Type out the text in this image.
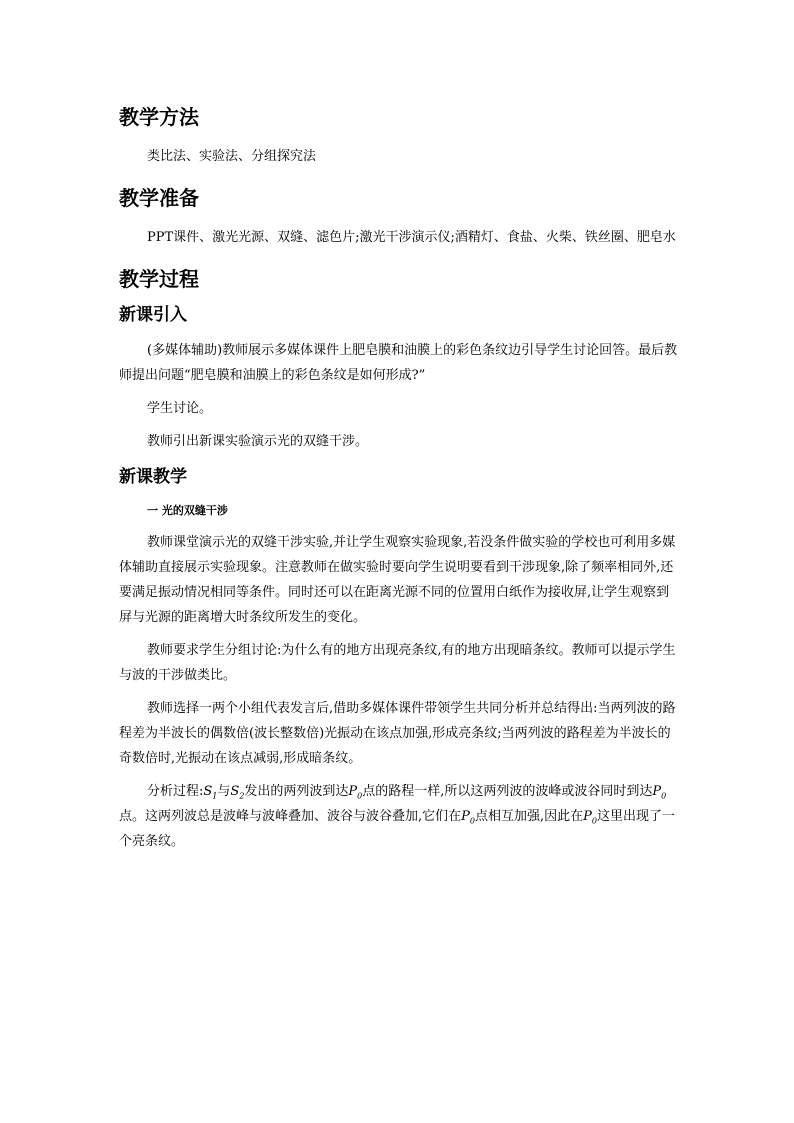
教学方法

类比法、实验法、分组探究法

教学准备

PPT课件、激光光源、双缝、滤色片;激光干涉演示仪;酒精灯、食盐、火柴、铁丝圈、肥皂水

教学过程
新课引入

(多媒体辅助)教师展示多媒体课件上肥皂膜和油膜上的彩色条纹边引导学生讨论回答。最后教师提出问题“肥皂膜和油膜上的彩色条纹是如何形成?”

学生讨论。

教师引出新课实验演示光的双缝干涉。

新课教学
一 光的双缝干涉

教师课堂演示光的双缝干涉实验,并让学生观察实验现象,若没条件做实验的学校也可利用多媒体辅助直接展示实验现象。注意教师在做实验时要向学生说明要看到干涉现象,除了频率相同外,还要满足振动情况相同等条件。同时还可以在距离光源不同的位置用白纸作为接收屏,让学生观察到屏与光源的距离增大时条纹所发生的变化。

教师要求学生分组讨论:为什么有的地方出现亮条纹,有的地方出现暗条纹。教师可以提示学生与波的干涉做类比。

教师选择一两个小组代表发言后,借助多媒体课件带领学生共同分析并总结得出:当两列波的路程差为半波长的偶数倍(波长整数倍)光振动在该点加强,形成亮条纹;当两列波的路程差为半波长的奇数倍时,光振动在该点减弱,形成暗条纹。

分析过程$:S_1$与$S_2$发出的两列波到达$P_0$点的路程一样,所以这两列波的波峰或波谷同时到达$P_0$点。这两列波总是波峰与波峰叠加、波谷与波谷叠加,它们在$P_0$点相互加强,因此在$P_0$这里出现了一个亮条纹。
